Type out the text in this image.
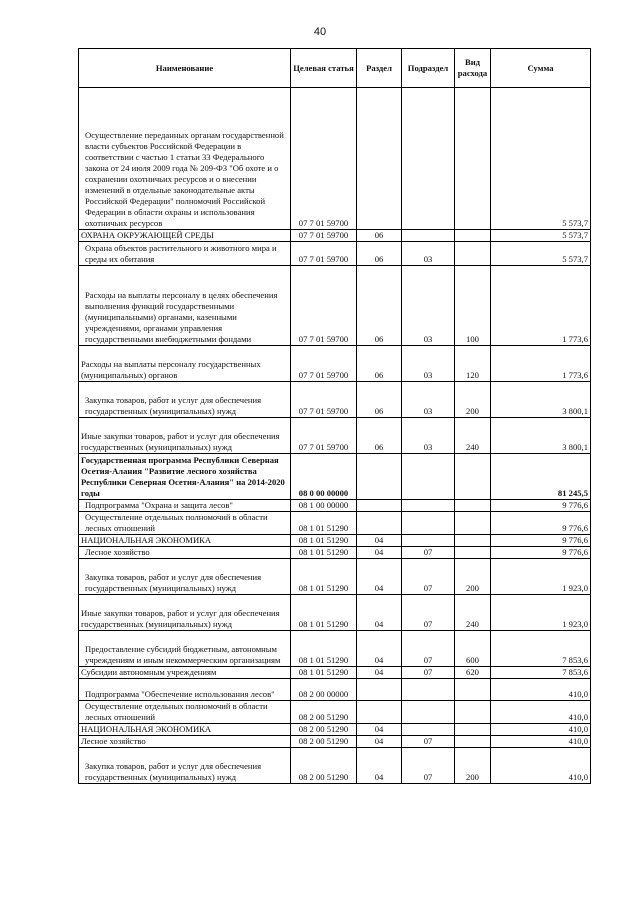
40
Наименование	Целевая статья	Раздел	Подраздел	Вид расхода	Сумма
Осуществление переданных органам государственной власти субъектов Российской Федерации в соответствии с частью 1 статьи 33 Федерального закона от 24 июля 2009 года № 209-ФЗ "Об охоте и о сохранении охотничьих ресурсов и о внесении изменений в отдельные законодательные акты Российской Федерации" полномочий Российской Федерации в области охраны и использования охотничьих ресурсов	07 7 01 59700				5 573,7
ОХРАНА ОКРУЖАЮЩЕЙ СРЕДЫ	07 7 01 59700	06			5 573,7
Охрана объектов растительного и животного мира и среды их обитания	07 7 01 59700	06	03		5 573,7
Расходы на выплаты персоналу в целях обеспечения выполнения функций государственными (муниципальными) органами, казенными учреждениями, органами управления государственными внебюджетными фондами	07 7 01 59700	06	03	100	1 773,6
Расходы на выплаты персоналу государственных (муниципальных) органов	07 7 01 59700	06	03	120	1 773,6
Закупка товаров, работ и услуг для обеспечения государственных (муниципальных) нужд	07 7 01 59700	06	03	200	3 800,1
Иные закупки товаров, работ и услуг для обеспечения государственных (муниципальных) нужд	07 7 01 59700	06	03	240	3 800,1
Государственная программа Республики Северная Осетия-Алания "Развитие лесного хозяйства Республики Северная Осетия-Алания" на 2014-2020 годы	08 0 00 00000				81 245,5
Подпрограмма "Охрана и защита лесов"	08 1 00 00000				9 776,6
Осуществление отдельных полномочий в области лесных отношений	08 1 01 51290				9 776,6
НАЦИОНАЛЬНАЯ ЭКОНОМИКА	08 1 01 51290	04			9 776,6
Лесное хозяйство	08 1 01 51290	04	07		9 776,6
Закупка товаров, работ и услуг для обеспечения государственных (муниципальных) нужд	08 1 01 51290	04	07	200	1 923,0
Иные закупки товаров, работ и услуг для обеспечения государственных (муниципальных) нужд	08 1 01 51290	04	07	240	1 923,0
Предоставление субсидий бюджетным, автономным учреждениям и иным некоммерческим организациям	08 1 01 51290	04	07	600	7 853,6
Субсидии автономным учреждениям	08 1 01 51290	04	07	620	7 853,6
Подпрограмма "Обеспечение использования лесов"	08 2 00 00000				410,0
Осуществление отдельных полномочий в области лесных отношений	08 2 00 51290				410,0
НАЦИОНАЛЬНАЯ ЭКОНОМИКА	08 2 00 51290	04			410,0
Лесное хозяйство	08 2 00 51290	04	07		410,0
Закупка товаров, работ и услуг для обеспечения государственных (муниципальных) нужд	08 2 00 51290	04	07	200	410,0
